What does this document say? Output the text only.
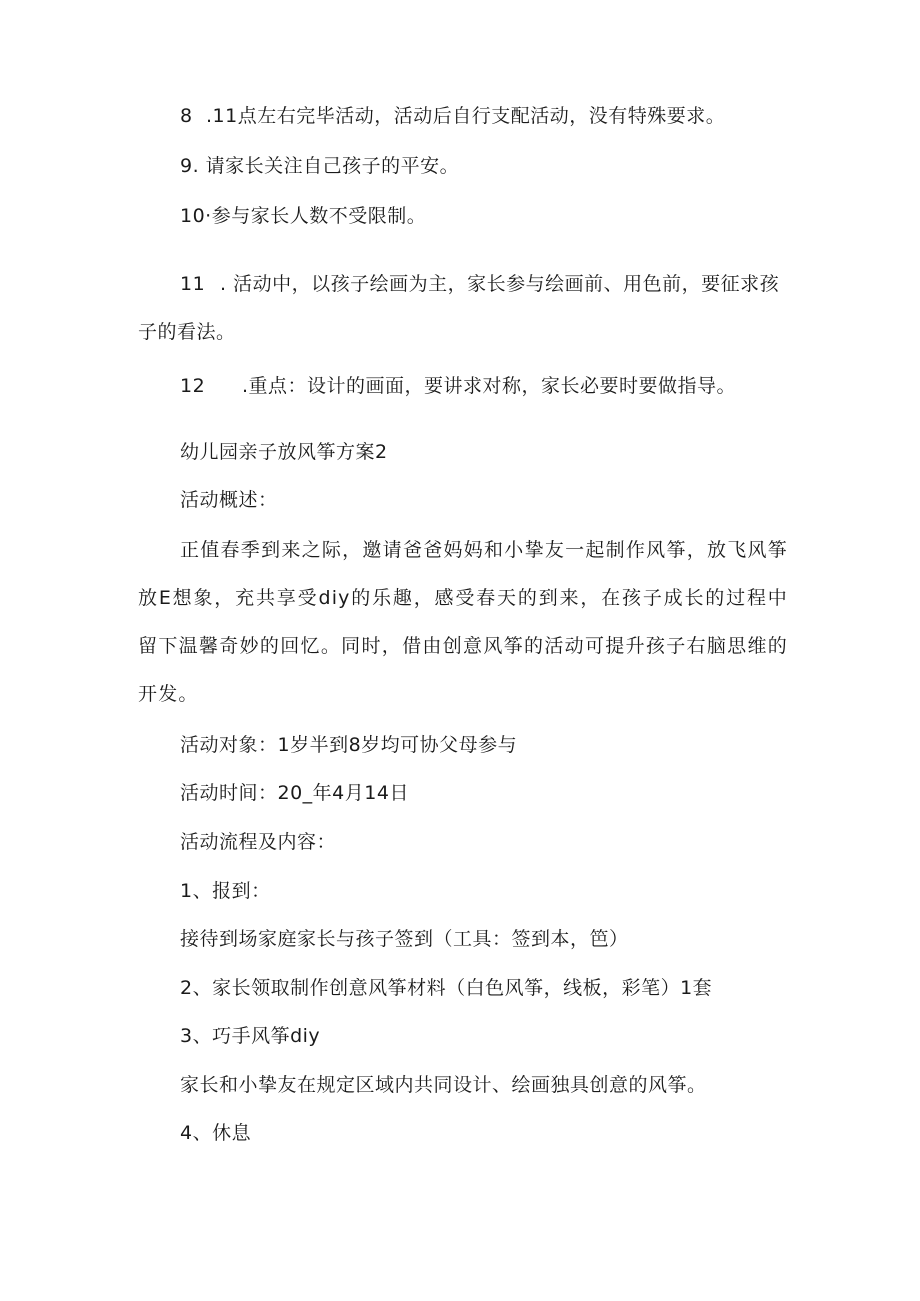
8 .11点左右完毕活动，活动后自行支配活动，没有特殊要求。
9. 请家长关注自己孩子的平安。
10·参与家长人数不受限制。
11 . 活动中，以孩子绘画为主，家长参与绘画前、用色前，要征求孩
子的看法。
12 .重点：设计的画面，要讲求对称，家长必要时要做指导。
幼儿园亲子放风筝方案2
活动概述：

正值春季到来之际，邀请爸爸妈妈和小挚友一起制作风筝，放飞风筝放E想象，充共享受diy的乐趣，感受春天的到来，在孩子成长的过程中留下温馨奇妙的回忆。同时，借由创意风筝的活动可提升孩子右脑思维的开发。

活动对象：1岁半到8岁均可协父母参与
活动时间：20_年4月14日
活动流程及内容：
1、报到：
接待到场家庭家长与孩子签到（工具：签到本，笆）
2、家长领取制作创意风筝材料（白色风筝，线板，彩笔）1套
3、巧手风筝diy
家长和小挚友在规定区域内共同设计、绘画独具创意的风筝。
4、休息
